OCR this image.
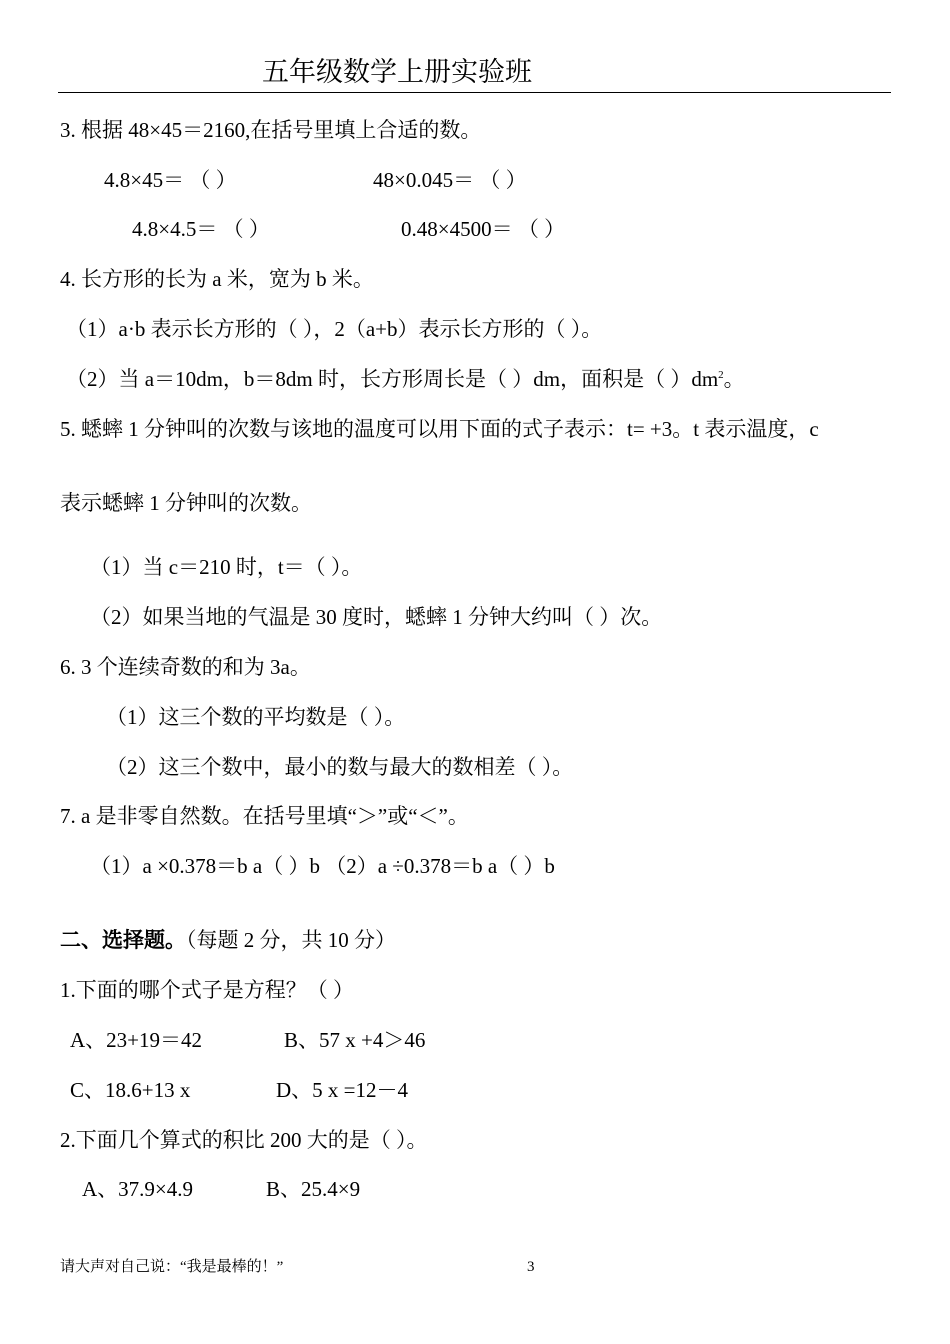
五年级数学上册实验班
3. 根据 48×45＝2160,在括号里填上合适的数。
4.8×45＝ （ ）	48×0.045＝ （ ）
4.8×4.5＝ （ ）	0.48×4500＝ （ ）
4. 长方形的长为 a 米，宽为 b 米。
（1）a·b 表示长方形的（ ），2（a+b）表示长方形的（ ）。
（2）当 a＝10dm，b＝8dm 时，长方形周长是（ ）dm，面积是（ ）$dm^2$。
5. 蟋蟀 1 分钟叫的次数与该地的温度可以用下面的式子表示：t= +3。t 表示温度，c
表示蟋蟀 1 分钟叫的次数。
（1）当 c＝210 时，t＝（ ）。
（2）如果当地的气温是 30 度时，蟋蟀 1 分钟大约叫（ ）次。
6. 3 个连续奇数的和为 3a。
（1）这三个数的平均数是（ ）。
（2）这三个数中，最小的数与最大的数相差（ ）。
7. a 是非零自然数。在括号里填“＞”或“＜”。
（1）a ×0.378＝b a（ ）b （2）a ÷0.378＝b a（ ）b
二、选择题。（每题 2 分，共 10 分）
1.下面的哪个式子是方程？（ ）
A、23+19＝42	B、57 x +4＞46
C、18.6+13 x	D、5 x =12－4
2.下面几个算式的积比 200 大的是（ ）。
A、37.9×4.9	B、25.4×9
请大声对自己说：“我是最棒的！”	3
